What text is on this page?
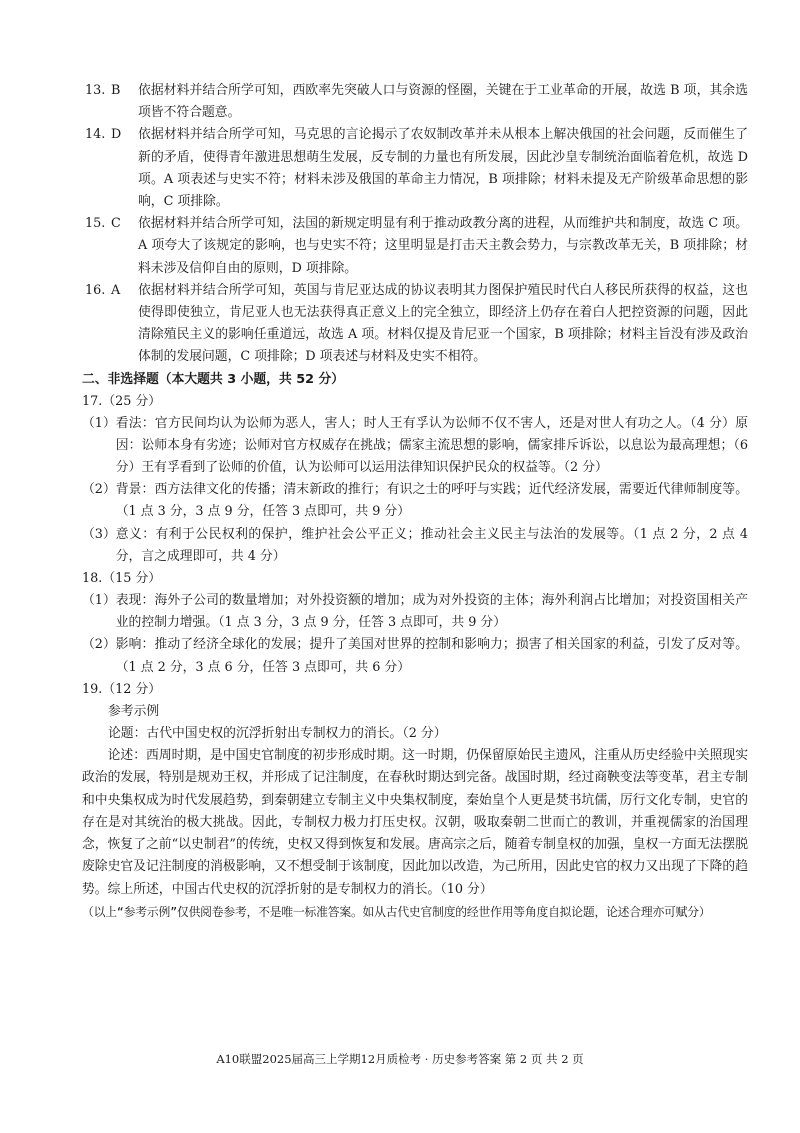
13. B	依据材料并结合所学可知，西欧率先突破人口与资源的怪圈，关键在于工业革命的开展，故选 B 项，其余选项皆不符合题意。
14. D	依据材料并结合所学可知，马克思的言论揭示了农奴制改革并未从根本上解决俄国的社会问题，反而催生了新的矛盾，使得青年激进思想萌生发展，反专制的力量也有所发展，因此沙皇专制统治面临着危机，故选 D 项。A 项表述与史实不符；材料未涉及俄国的革命主力情况，B 项排除；材料未提及无产阶级革命思想的影响，C 项排除。
15. C	依据材料并结合所学可知，法国的新规定明显有利于推动政教分离的进程，从而维护共和制度，故选 C 项。A 项夸大了该规定的影响，也与史实不符；这里明显是打击天主教会势力，与宗教改革无关，B 项排除；材料未涉及信仰自由的原则，D 项排除。
16. A	依据材料并结合所学可知，英国与肯尼亚达成的协议表明其力图保护殖民时代白人移民所获得的权益，这也使得即使独立，肯尼亚人也无法获得真正意义上的完全独立，即经济上仍存在着白人把控资源的问题，因此清除殖民主义的影响任重道远，故选 A 项。材料仅提及肯尼亚一个国家，B 项排除；材料主旨没有涉及政治体制的发展问题，C 项排除；D 项表述与材料及史实不相符。
二、非选择题（本大题共 3 小题，共 52 分）
17.（25 分）
（1） 看法：官方民间均认为讼师为恶人，害人；时人王有孚认为讼师不仅不害人，还是对世人有功之人。（4 分）原因：讼师本身有劣迹；讼师对官方权威存在挑战；儒家主流思想的影响，儒家排斥诉讼，以息讼为最高理想；（6 分）王有孚看到了讼师的价值，认为讼师可以运用法律知识保护民众的权益等。（2 分）
（2） 背景：西方法律文化的传播；清末新政的推行；有识之士的呼吁与实践；近代经济发展，需要近代律师制度等。（1 点 3 分，3 点 9 分，任答 3 点即可，共 9 分）
（3） 意义：有利于公民权利的保护，维护社会公平正义；推动社会主义民主与法治的发展等。（1 点 2 分，2 点 4 分，言之成理即可，共 4 分）
18.（15 分）
（1） 表现：海外子公司的数量增加；对外投资额的增加；成为对外投资的主体；海外利润占比增加；对投资国相关产业的控制力增强。（1 点 3 分，3 点 9 分，任答 3 点即可，共 9 分）
（2） 影响：推动了经济全球化的发展；提升了美国对世界的控制和影响力；损害了相关国家的利益，引发了反对等。（1 点 2 分，3 点 6 分，任答 3 点即可，共 6 分）
19.（12 分）
参考示例
论题：古代中国史权的沉浮折射出专制权力的消长。（2 分）
论述：西周时期，是中国史官制度的初步形成时期。这一时期，仍保留原始民主遗风，注重从历史经验中关照现实政治的发展，特别是规劝王权，并形成了记注制度，在春秋时期达到完备。战国时期，经过商鞅变法等变革，君主专制和中央集权成为时代发展趋势，到秦朝建立专制主义中央集权制度，秦始皇个人更是焚书坑儒，厉行文化专制，史官的存在是对其统治的极大挑战。因此，专制权力极力打压史权。汉朝，吸取秦朝二世而亡的教训，并重视儒家的治国理念，恢复了之前“以史制君”的传统，史权又得到恢复和发展。唐高宗之后，随着专制皇权的加强，皇权一方面无法摆脱废除史官及记注制度的消极影响，又不想受制于该制度，因此加以改造，为己所用，因此史官的权力又出现了下降的趋势。综上所述，中国古代史权的沉浮折射的是专制权力的消长。（10 分）
（以上“参考示例”仅供阅卷参考，不是唯一标准答案。如从古代史官制度的经世作用等角度自拟论题，论述合理亦可赋分）
A10联盟2025届高三上学期12月质检考 · 历史参考答案 第 2 页 共 2 页
